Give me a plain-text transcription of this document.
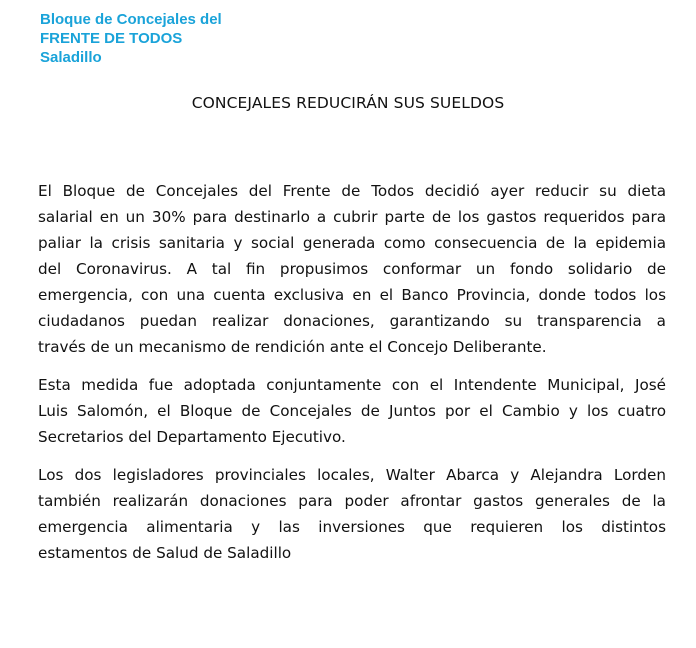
Bloque de Concejales del
FRENTE DE TODOS
Saladillo
CONCEJALES REDUCIRÁN SUS SUELDOS

El Bloque de Concejales del Frente de Todos decidió ayer reducir su dieta
salarial en un 30% para destinarlo a cubrir parte de los gastos requeridos para
paliar la crisis sanitaria y social generada como consecuencia de la epidemia
del Coronavirus. A tal fin propusimos conformar un fondo solidario de
emergencia, con una cuenta exclusiva en el Banco Provincia, donde todos los
ciudadanos puedan realizar donaciones, garantizando su transparencia a
través de un mecanismo de rendición ante el Concejo Deliberante.

Esta medida fue adoptada conjuntamente con el Intendente Municipal, José
Luis Salomón, el Bloque de Concejales de Juntos por el Cambio y los cuatro
Secretarios del Departamento Ejecutivo.

Los dos legisladores provinciales locales, Walter Abarca y Alejandra Lorden
también realizarán donaciones para poder afrontar gastos generales de la
emergencia alimentaria y las inversiones que requieren los distintos
estamentos de Salud de Saladillo
